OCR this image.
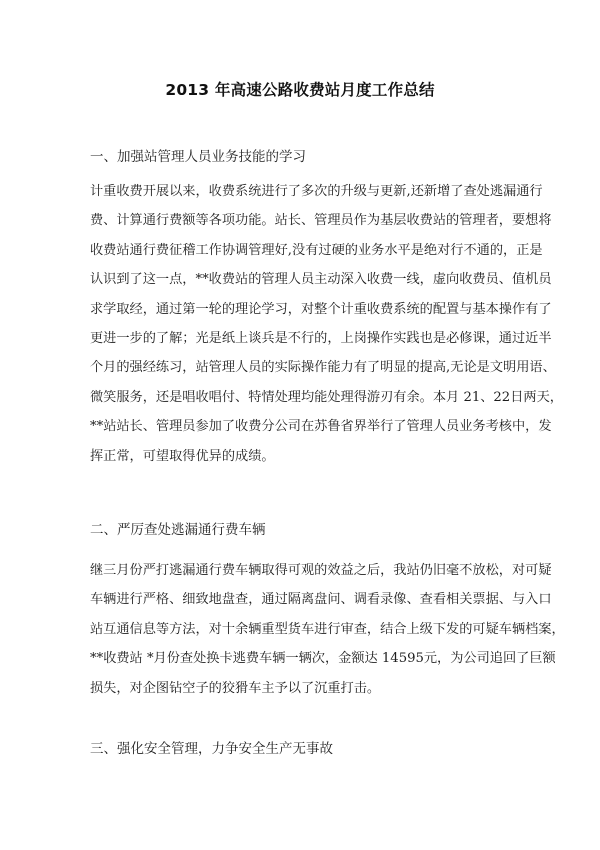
2013 年高速公路收费站月度工作总结
一、加强站管理人员业务技能的学习
计重收费开展以来，收费系统进行了多次的升级与更新,还新增了查处逃漏通行
费、计算通行费额等各项功能。站长、管理员作为基层收费站的管理者，要想将
收费站通行费征稽工作协调管理好,没有过硬的业务水平是绝对行不通的，正是
认识到了这一点，**收费站的管理人员主动深入收费一线，虚向收费员、值机员
求学取经，通过第一轮的理论学习，对整个计重收费系统的配置与基本操作有了
更进一步的了解；光是纸上谈兵是不行的，上岗操作实践也是必修课，通过近半
个月的强经练习，站管理人员的实际操作能力有了明显的提高,无论是文明用语、
微笑服务，还是唱收唱付、特情处理均能处理得游刃有余。本月 21、22日两天，
**站站长、管理员参加了收费分公司在苏鲁省界举行了管理人员业务考核中，发
挥正常，可望取得优异的成绩。
二、严厉查处逃漏通行费车辆
继三月份严打逃漏通行费车辆取得可观的效益之后，我站仍旧毫不放松，对可疑
车辆进行严格、细致地盘查，通过隔离盘问、调看录像、查看相关票据、与入口
站互通信息等方法，对十余辆重型货车进行审查，结合上级下发的可疑车辆档案，
**收费站 *月份查处换卡逃费车辆一辆次，金额达 14595元，为公司追回了巨额
损失，对企图钻空子的狡猾车主予以了沉重打击。
三、强化安全管理，力争安全生产无事故
